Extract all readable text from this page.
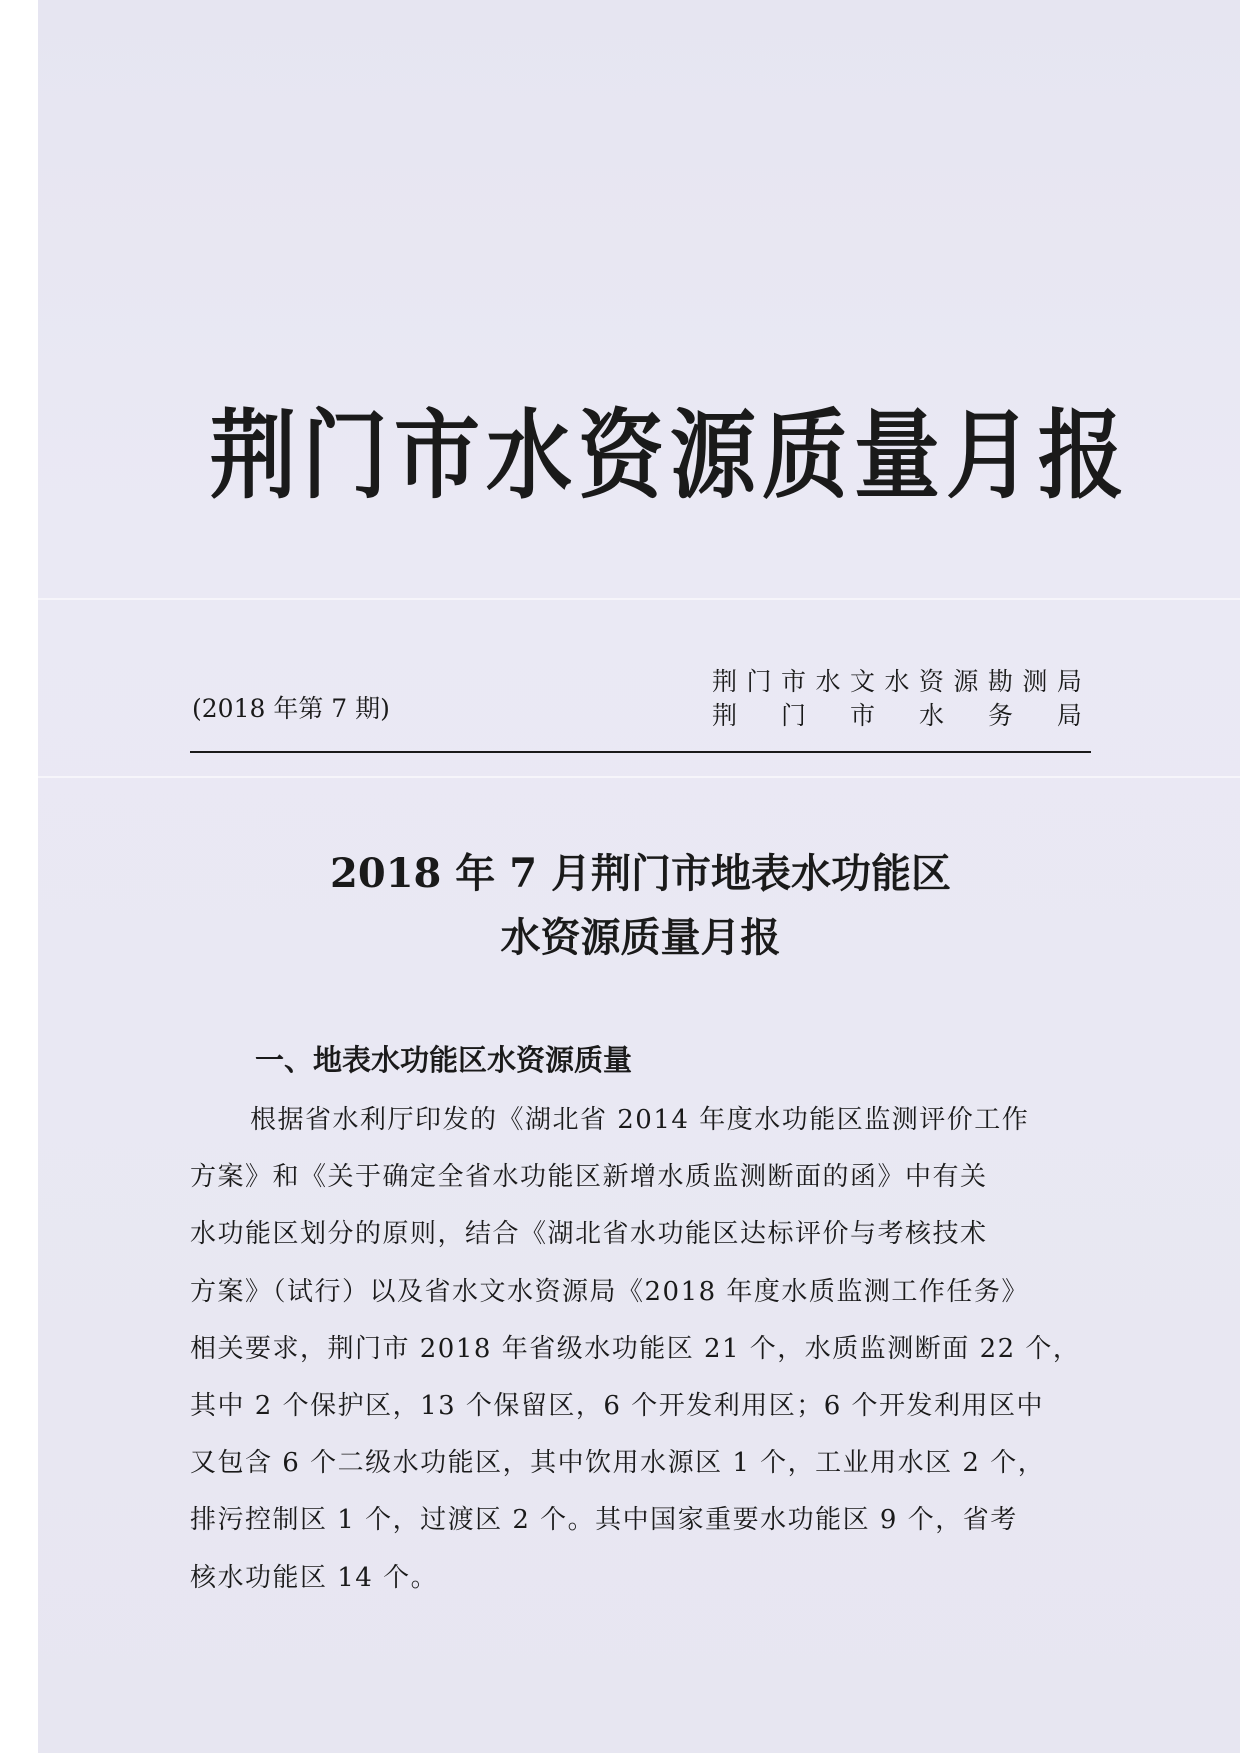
荆门市水资源质量月报
(2018 年第 7 期)
荆 门 市 水 文 水 资 源 勘 测 局
荆 门 市 水 务 局
2018 年 7 月荆门市地表水功能区
水资源质量月报
一、地表水功能区水资源质量
根据省水利厅印发的《湖北省 2014 年度水功能区监测评价工作
方案》和《关于确定全省水功能区新增水质监测断面的函》中有关
水功能区划分的原则，结合《湖北省水功能区达标评价与考核技术
方案》（试行）以及省水文水资源局《2018 年度水质监测工作任务》
相关要求，荆门市 2018 年省级水功能区 21 个，水质监测断面 22 个，
其中 2 个保护区，13 个保留区，6 个开发利用区；6 个开发利用区中
又包含 6 个二级水功能区，其中饮用水源区 1 个，工业用水区 2 个，
排污控制区 1 个，过渡区 2 个。其中国家重要水功能区 9 个，省考
核水功能区 14 个。
